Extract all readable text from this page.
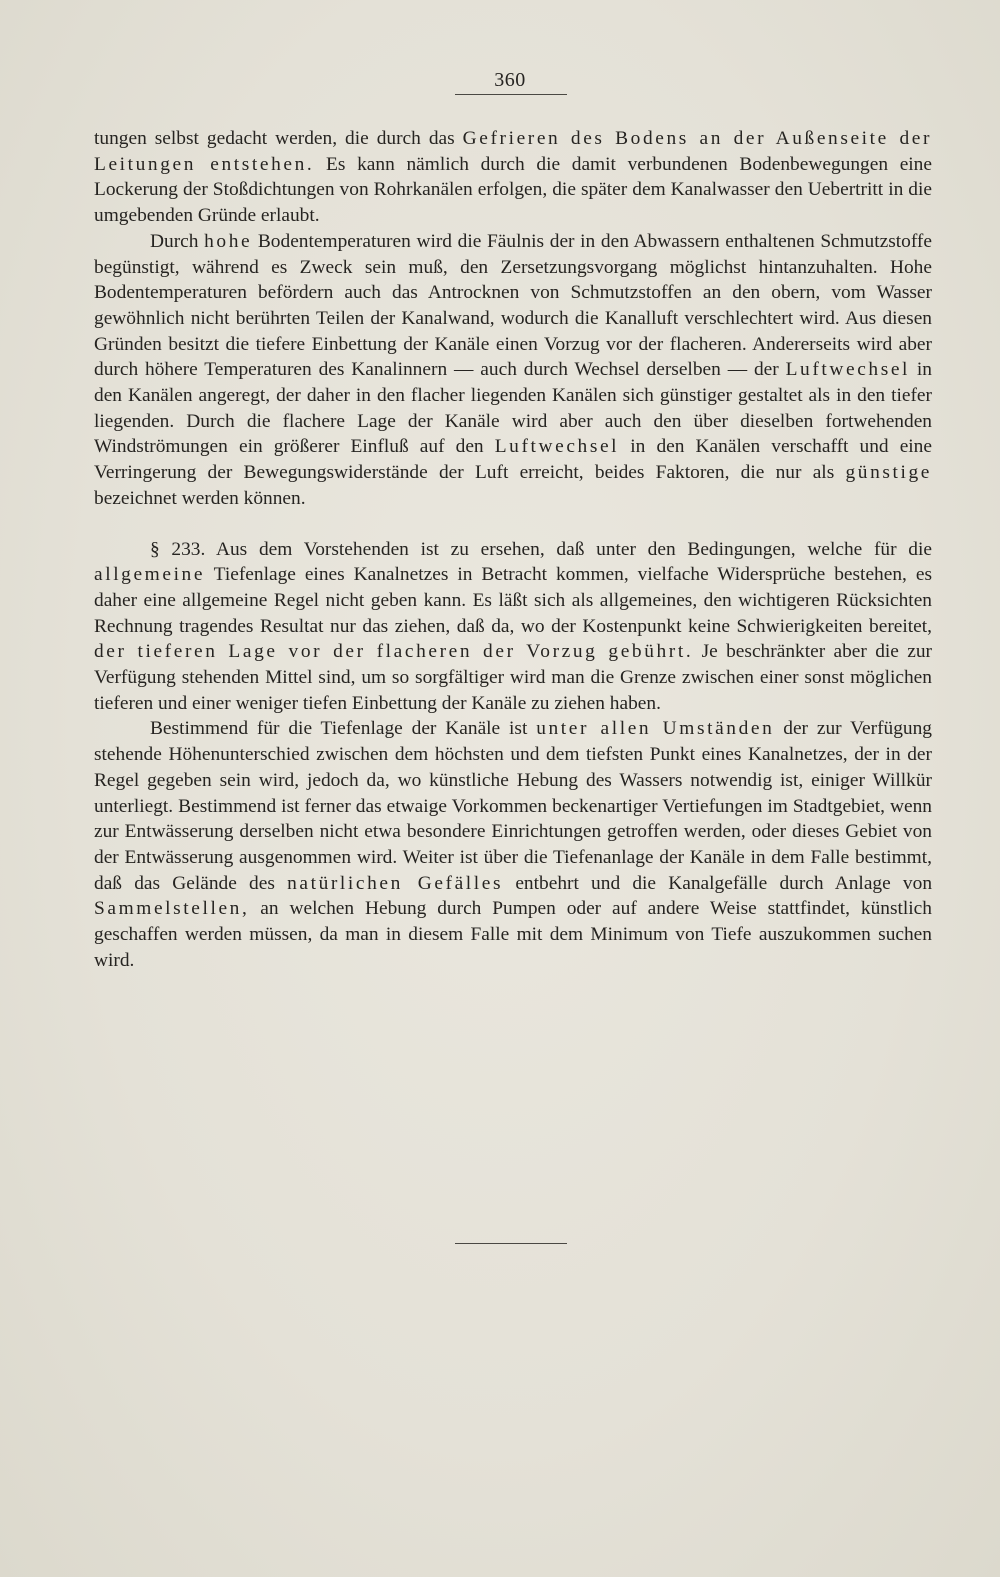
360

tungen selbst gedacht werden, die durch das Gefrieren des Bodens an der Außenseite der Leitungen entstehen. Es kann nämlich durch die damit verbundenen Bodenbewegungen eine Lockerung der Stoßdichtungen von Rohrkanälen erfolgen, die später dem Kanalwasser den Uebertritt in die umgebenden Gründe erlaubt.

Durch hohe Bodentemperaturen wird die Fäulnis der in den Abwassern enthaltenen Schmutzstoffe begünstigt, während es Zweck sein muß, den Zersetzungsvorgang möglichst hintanzuhalten. Hohe Bodentemperaturen befördern auch das Antrocknen von Schmutzstoffen an den obern, vom Wasser gewöhnlich nicht berührten Teilen der Kanalwand, wodurch die Kanalluft verschlechtert wird. Aus diesen Gründen besitzt die tiefere Einbettung der Kanäle einen Vorzug vor der flacheren. Andererseits wird aber durch höhere Temperaturen des Kanalinnern — auch durch Wechsel derselben — der Luftwechsel in den Kanälen angeregt, der daher in den flacher liegenden Kanälen sich günstiger gestaltet als in den tiefer liegenden. Durch die flachere Lage der Kanäle wird aber auch den über dieselben fortwehenden Windströmungen ein größerer Einfluß auf den Luftwechsel in den Kanälen verschafft und eine Verringerung der Bewegungswiderstände der Luft erreicht, beides Faktoren, die nur als günstige bezeichnet werden können.

§ 233. Aus dem Vorstehenden ist zu ersehen, daß unter den Bedingungen, welche für die allgemeine Tiefenlage eines Kanalnetzes in Betracht kommen, vielfache Widersprüche bestehen, es daher eine allgemeine Regel nicht geben kann. Es läßt sich als allgemeines, den wichtigeren Rücksichten Rechnung tragendes Resultat nur das ziehen, daß da, wo der Kostenpunkt keine Schwierigkeiten bereitet, der tieferen Lage vor der flacheren der Vorzug gebührt. Je beschränkter aber die zur Verfügung stehenden Mittel sind, um so sorgfältiger wird man die Grenze zwischen einer sonst möglichen tieferen und einer weniger tiefen Einbettung der Kanäle zu ziehen haben.

Bestimmend für die Tiefenlage der Kanäle ist unter allen Umständen der zur Verfügung stehende Höhenunterschied zwischen dem höchsten und dem tiefsten Punkt eines Kanalnetzes, der in der Regel gegeben sein wird, jedoch da, wo künstliche Hebung des Wassers notwendig ist, einiger Willkür unterliegt. Bestimmend ist ferner das etwaige Vorkommen beckenartiger Vertiefungen im Stadtgebiet, wenn zur Entwässerung derselben nicht etwa besondere Einrichtungen getroffen werden, oder dieses Gebiet von der Entwässerung ausgenommen wird. Weiter ist über die Tiefenanlage der Kanäle in dem Falle bestimmt, daß das Gelände des natürlichen Gefälles entbehrt und die Kanalgefälle durch Anlage von Sammelstellen, an welchen Hebung durch Pumpen oder auf andere Weise stattfindet, künstlich geschaffen werden müssen, da man in diesem Falle mit dem Minimum von Tiefe auszukommen suchen wird.
